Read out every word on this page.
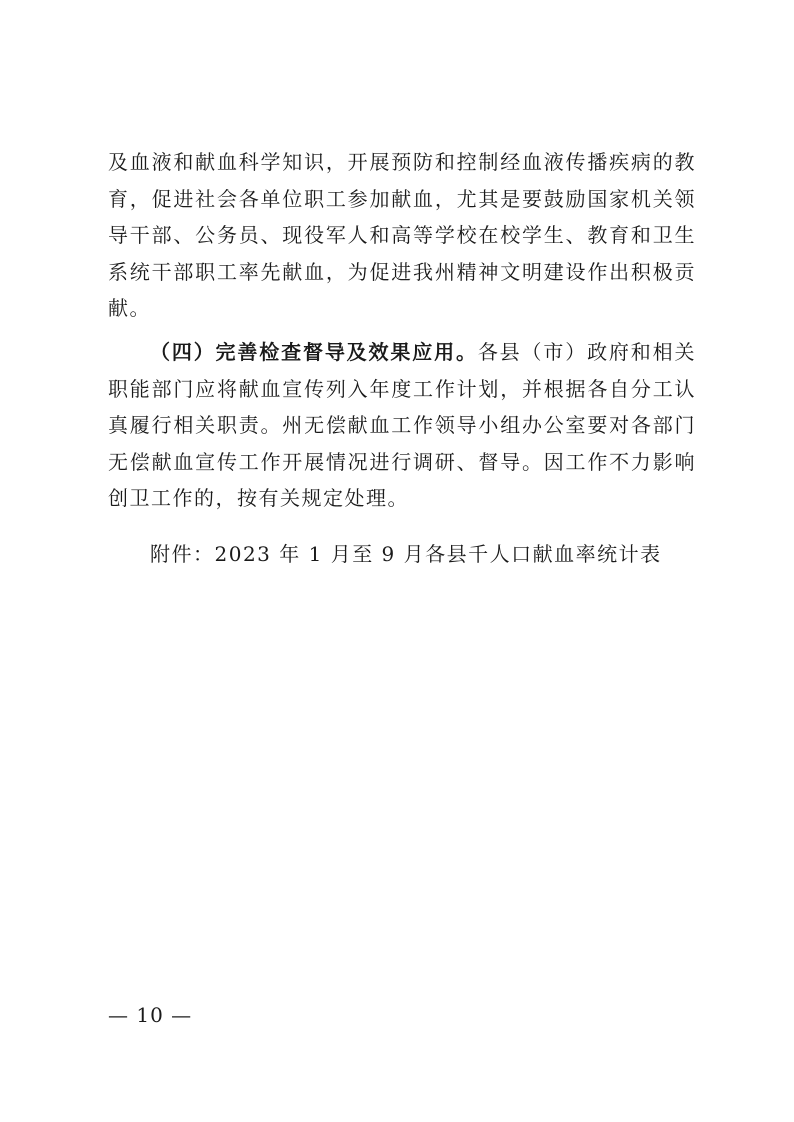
及血液和献血科学知识，开展预防和控制经血液传播疾病的教育，促进社会各单位职工参加献血，尤其是要鼓励国家机关领导干部、公务员、现役军人和高等学校在校学生、教育和卫生系统干部职工率先献血，为促进我州精神文明建设作出积极贡献。

（四）完善检查督导及效果应用。各县（市）政府和相关职能部门应将献血宣传列入年度工作计划，并根据各自分工认真履行相关职责。州无偿献血工作领导小组办公室要对各部门无偿献血宣传工作开展情况进行调研、督导。因工作不力影响创卫工作的，按有关规定处理。

附件：2023 年 1 月至 9 月各县千人口献血率统计表

— 10 —
